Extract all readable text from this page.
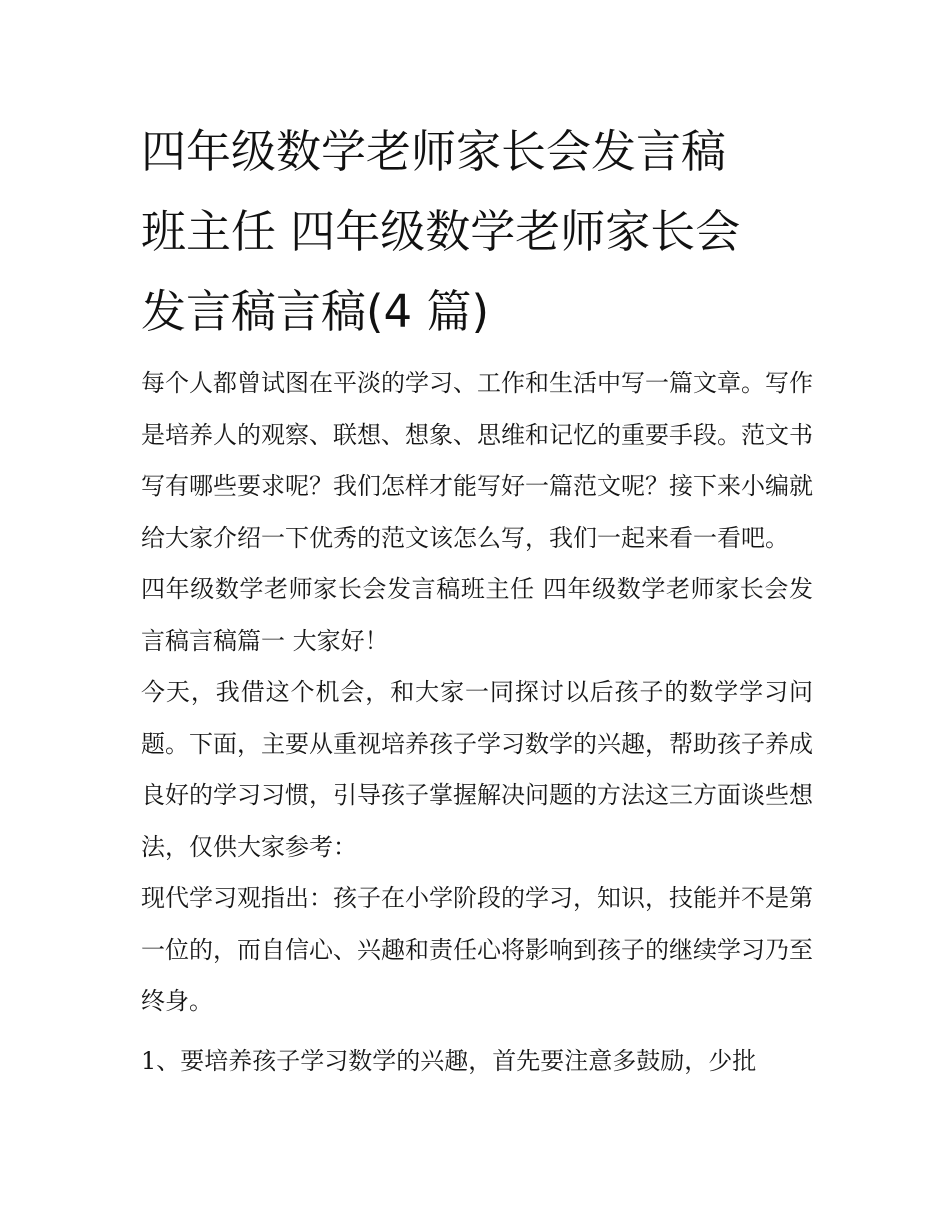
四年级数学老师家长会发言稿
班主任 四年级数学老师家长会
发言稿言稿(4 篇)

每个人都曾试图在平淡的学习、工作和生活中写一篇文章。写作是培养人的观察、联想、想象、思维和记忆的重要手段。范文书写有哪些要求呢？我们怎样才能写好一篇范文呢？接下来小编就给大家介绍一下优秀的范文该怎么写，我们一起来看一看吧。

四年级数学老师家长会发言稿班主任 四年级数学老师家长会发言稿言稿篇一 大家好！

今天，我借这个机会，和大家一同探讨以后孩子的数学学习问题。下面，主要从重视培养孩子学习数学的兴趣，帮助孩子养成良好的学习习惯，引导孩子掌握解决问题的方法这三方面谈些想法，仅供大家参考：

现代学习观指出：孩子在小学阶段的学习，知识，技能并不是第一位的，而自信心、兴趣和责任心将影响到孩子的继续学习乃至终身。

1、要培养孩子学习数学的兴趣，首先要注意多鼓励，少批
